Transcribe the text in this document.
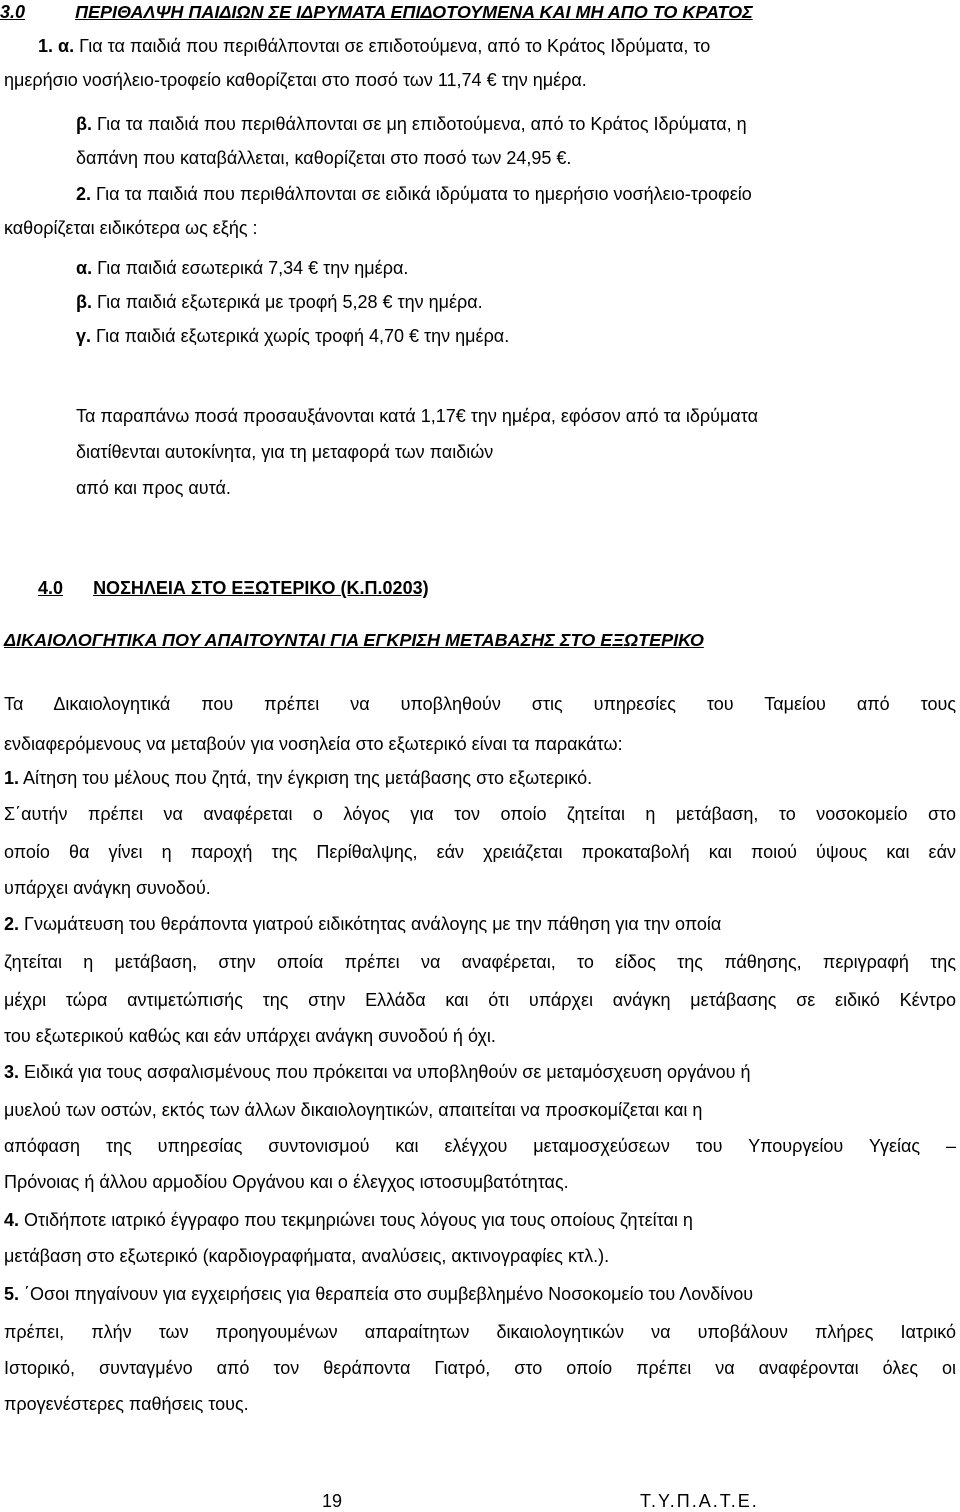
3.0	ΠΕΡΙΘΑΛΨΗ ΠΑΙΔΙΩΝ ΣΕ ΙΔΡΥΜΑΤΑ ΕΠΙΔΟΤΟΥΜΕΝΑ ΚΑΙ ΜΗ ΑΠΟ ΤΟ ΚΡΑΤΟΣ
1. α. Για τα παιδιά που περιθάλπονται σε επιδοτούμενα, από το Κράτος Ιδρύματα, το
ημερήσιο νοσήλειο-τροφείο καθορίζεται στο ποσό των 11,74 € την ημέρα.
β. Για τα παιδιά που περιθάλπονται σε μη επιδοτούμενα, από το Κράτος Ιδρύματα, η
δαπάνη που καταβάλλεται, καθορίζεται στο ποσό των 24,95 €.
2. Για τα παιδιά που περιθάλπονται σε ειδικά ιδρύματα το ημερήσιο νοσήλειο-τροφείο
καθορίζεται ειδικότερα ως εξής :
α. Για παιδιά εσωτερικά 7,34 € την ημέρα.
β. Για παιδιά εξωτερικά με τροφή 5,28 € την ημέρα.
γ. Για παιδιά εξωτερικά χωρίς τροφή 4,70 € την ημέρα.
Τα παραπάνω ποσά προσαυξάνονται κατά 1,17€ την ημέρα, εφόσον από τα ιδρύματα
διατίθενται αυτοκίνητα, για τη μεταφορά των παιδιών
από και προς αυτά.
4.0 ΝΟΣΗΛΕΙΑ ΣΤΟ ΕΞΩΤΕΡΙΚΟ (Κ.Π.0203)
ΔΙΚΑΙΟΛΟΓΗΤΙΚΑ ΠΟΥ ΑΠΑΙΤΟΥΝΤΑΙ ΓΙΑ ΕΓΚΡΙΣΗ ΜΕΤΑΒΑΣΗΣ ΣΤΟ ΕΞΩΤΕΡΙΚΟ
Τα Δικαιολογητικά που πρέπει να υποβληθούν στις υπηρεσίες του Ταμείου από τους
ενδιαφερόμενους να μεταβούν για νοσηλεία στο εξωτερικό είναι τα παρακάτω:
1. Αίτηση του μέλους που ζητά, την έγκριση της μετάβασης στο εξωτερικό.
Σ΄αυτήν πρέπει να αναφέρεται ο λόγος για τον οποίο ζητείται η μετάβαση, το νοσοκομείο στο
οποίο θα γίνει η παροχή της Περίθαλψης, εάν χρειάζεται προκαταβολή και ποιού ύψους και εάν
υπάρχει ανάγκη συνοδού.
2. Γνωμάτευση του θεράποντα γιατρού ειδικότητας ανάλογης με την πάθηση για την οποία
ζητείται η μετάβαση, στην οποία πρέπει να αναφέρεται, το είδος της πάθησης, περιγραφή της
μέχρι τώρα αντιμετώπισής της στην Ελλάδα και ότι υπάρχει ανάγκη μετάβασης σε ειδικό Κέντρο
του εξωτερικού καθώς και εάν υπάρχει ανάγκη συνοδού ή όχι.
3. Ειδικά για τους ασφαλισμένους που πρόκειται να υποβληθούν σε μεταμόσχευση οργάνου ή
μυελού των οστών, εκτός των άλλων δικαιολογητικών, απαιτείται να προσκομίζεται και η
απόφαση της υπηρεσίας συντονισμού και ελέγχου μεταμοσχεύσεων του Υπουργείου Υγείας –
Πρόνοιας ή άλλου αρμοδίου Οργάνου και ο έλεγχος ιστοσυμβατότητας.
4. Οτιδήποτε ιατρικό έγγραφο που τεκμηριώνει τους λόγους για τους οποίους ζητείται η
μετάβαση στο εξωτερικό (καρδιογραφήματα, αναλύσεις, ακτινογραφίες κτλ.).
5. ΄Οσοι πηγαίνουν για εγχειρήσεις για θεραπεία στο συμβεβλημένο Νοσοκομείο του Λονδίνου
πρέπει, πλήν των προηγουμένων απαραίτητων δικαιολογητικών να υποβάλουν πλήρες Ιατρικό
Ιστορικό, συνταγμένο από τον θεράποντα Γιατρό, στο οποίο πρέπει να αναφέρονται όλες οι
προγενέστερες παθήσεις τους.
19	Τ.Υ.Π.Α.Τ.Ε.
